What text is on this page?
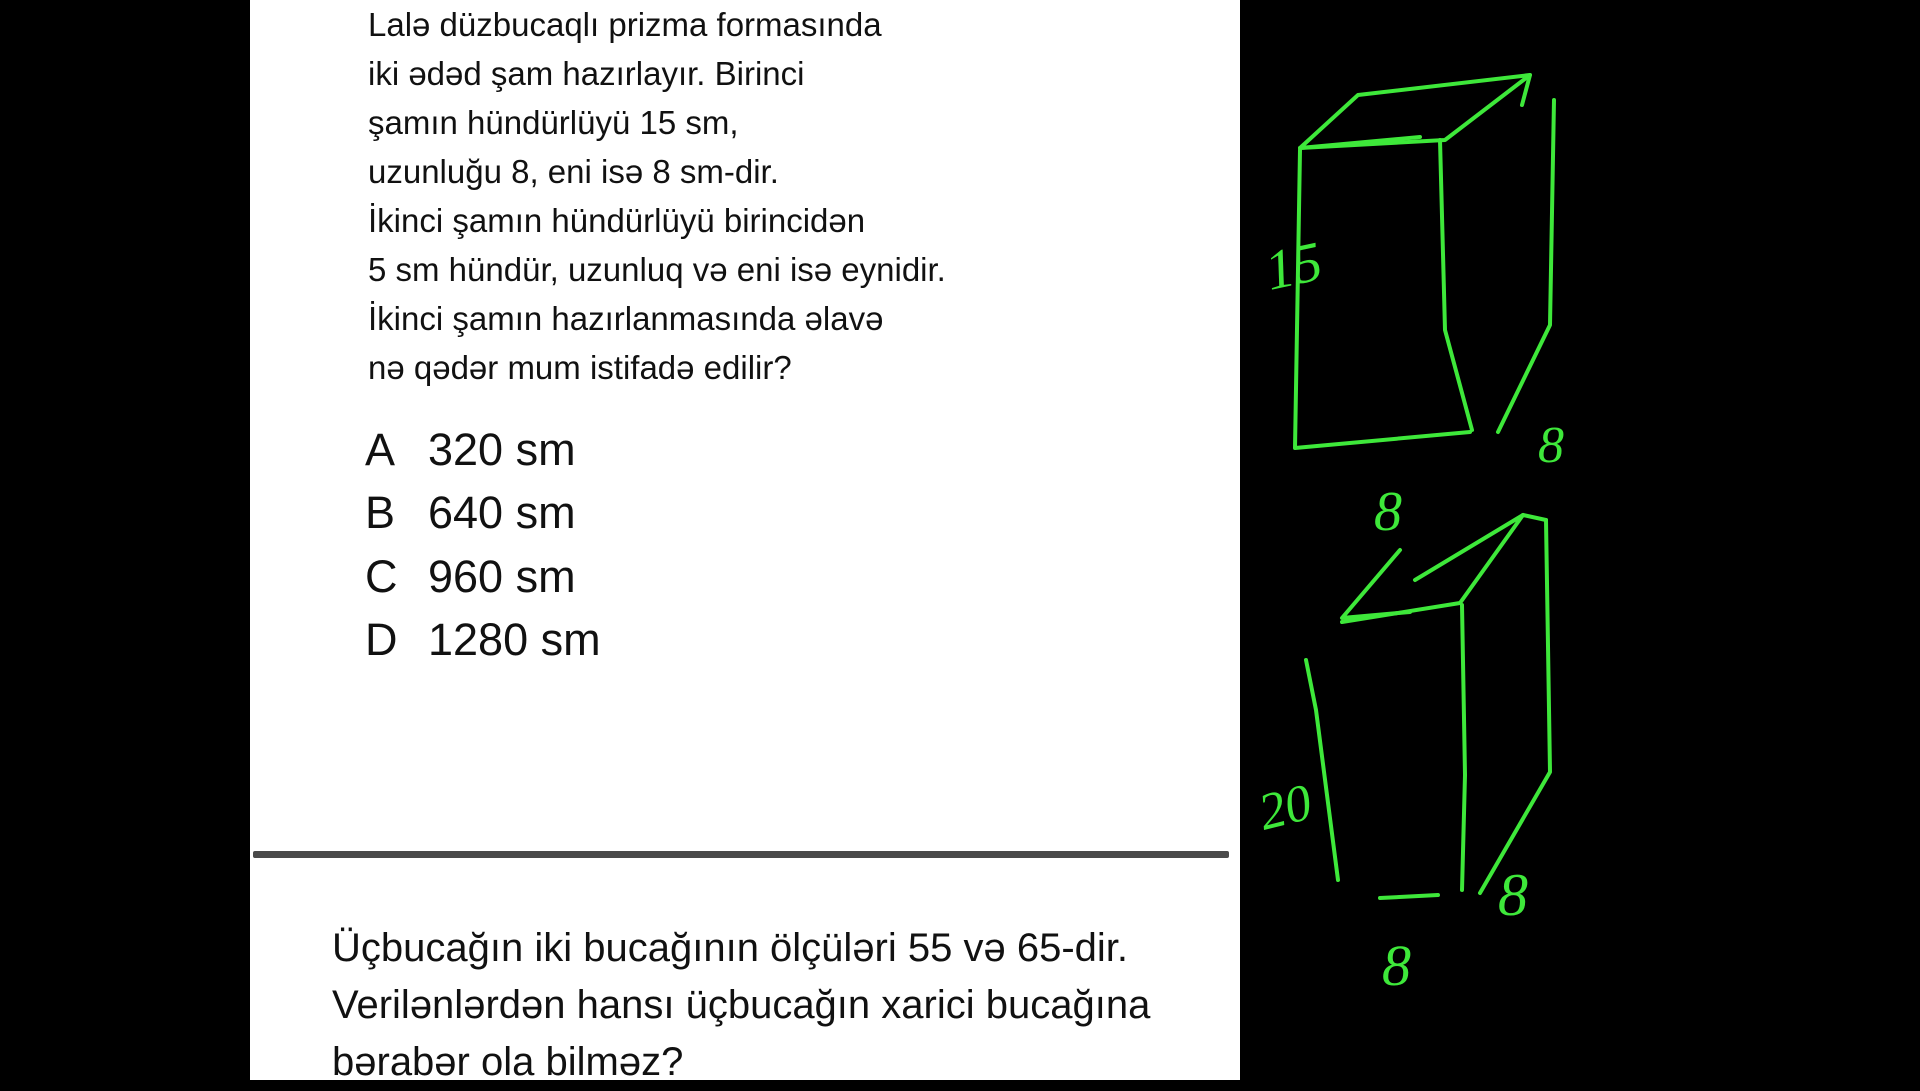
Lalə düzbucaqlı prizma formasında
iki ədəd şam hazırlayır. Birinci
şamın hündürlüyü 15 sm,
uzunluğu 8, eni isə 8 sm-dir.
İkinci şamın hündürlüyü birincidən
5 sm hündür, uzunluq və eni isə eynidir.
İkinci şamın hazırlanmasında əlavə
nə qədər mum istifadə edilir?
A 320 sm
B 640 sm
C 960 sm
D 1280 sm
Üçbucağın iki bucağının ölçüləri 55 və 65-dir.
Verilənlərdən hansı üçbucağın xarici bucağına
bərabər ola bilməz?
15
8
8
20
8
8
